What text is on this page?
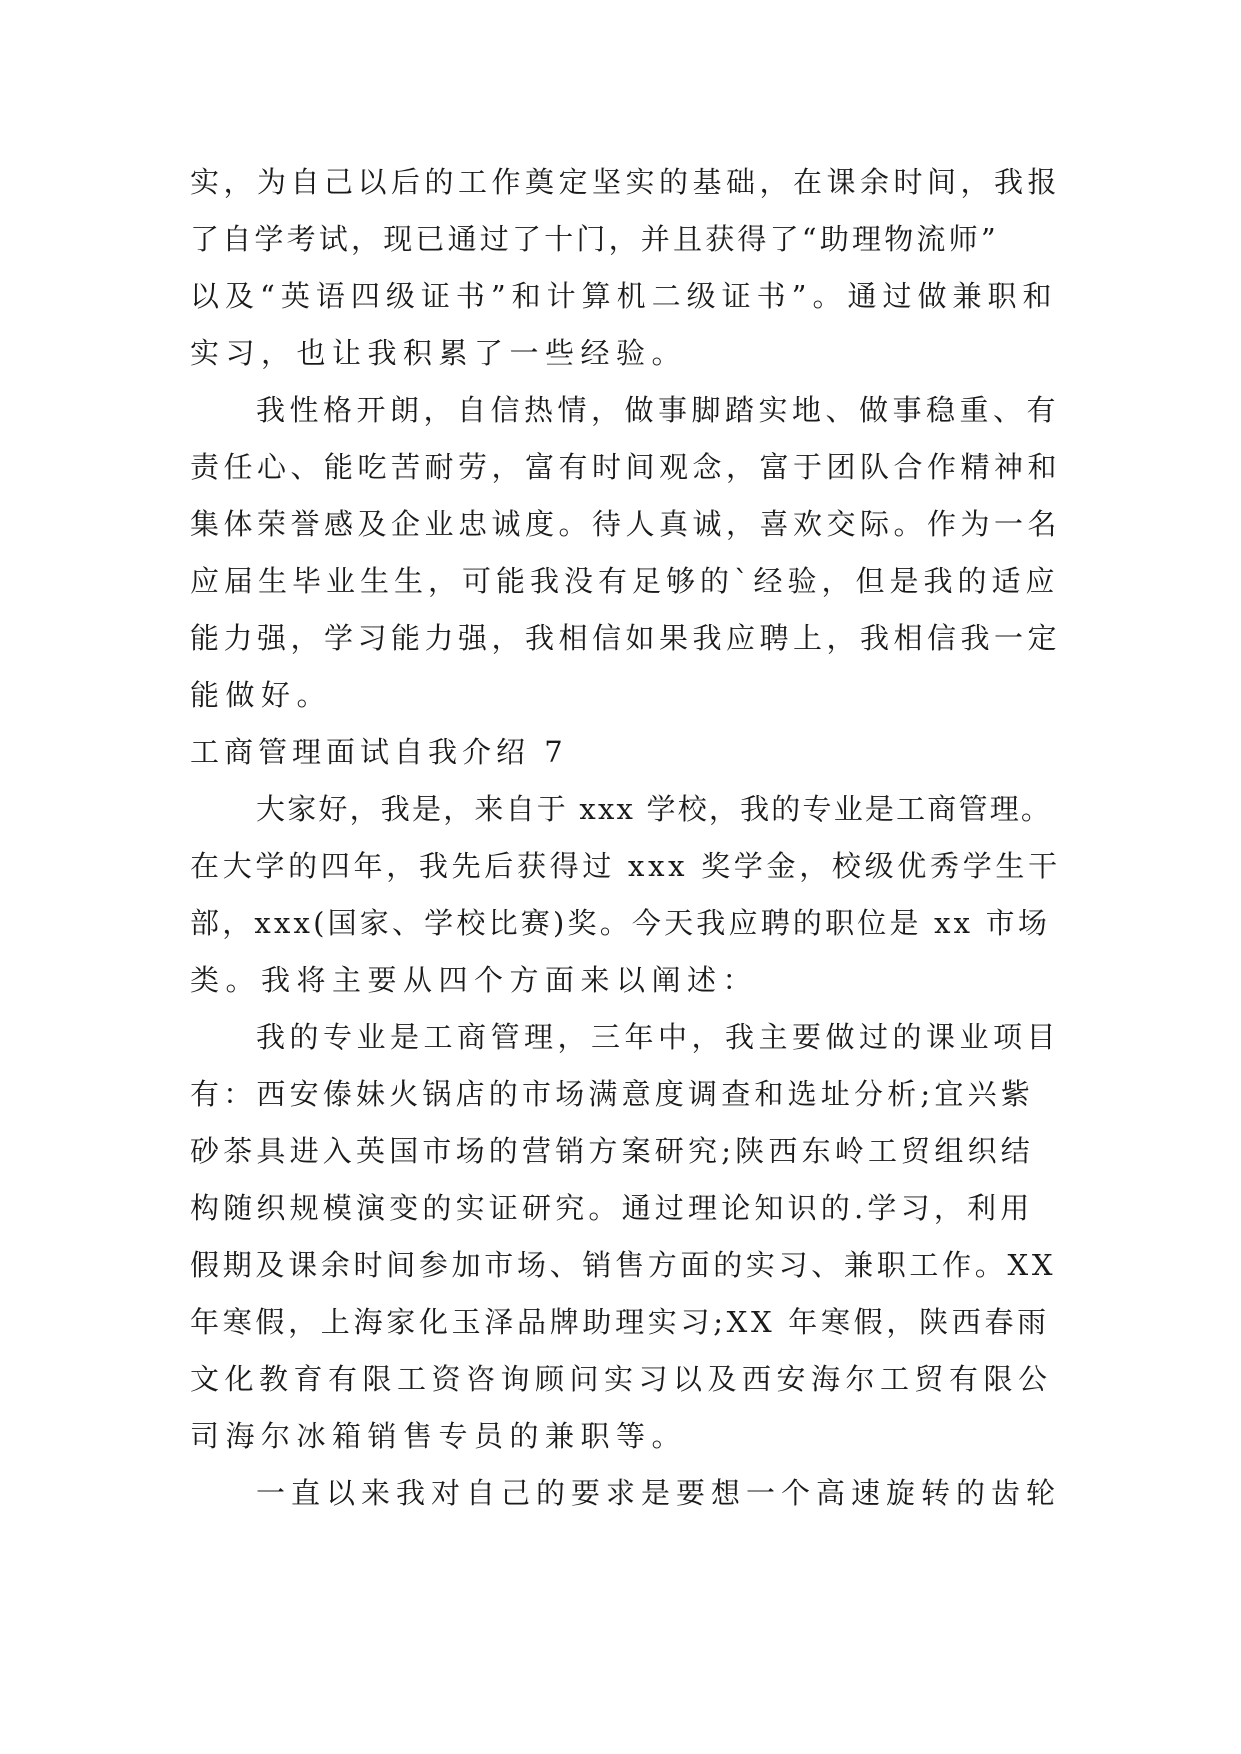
实，为自己以后的工作奠定坚实的基础，在课余时间，我报
了自学考试，现已通过了十门，并且获得了“助理物流师”
以及“英语四级证书”和计算机二级证书”。通过做兼职和
实习，也让我积累了一些经验。
我性格开朗，自信热情，做事脚踏实地、做事稳重、有
责任心、能吃苦耐劳，富有时间观念，富于团队合作精神和
集体荣誉感及企业忠诚度。待人真诚，喜欢交际。作为一名
应届生毕业生生，可能我没有足够的`经验，但是我的适应
能力强，学习能力强，我相信如果我应聘上，我相信我一定
能做好。
工商管理面试自我介绍 7
大家好，我是，来自于 xxx 学校，我的专业是工商管理。
在大学的四年，我先后获得过 xxx 奖学金，校级优秀学生干
部，xxx(国家、学校比赛)奖。今天我应聘的职位是 xx 市场
类。我将主要从四个方面来以阐述：
我的专业是工商管理，三年中，我主要做过的课业项目
有：西安傣妹火锅店的市场满意度调查和选址分析;宜兴紫
砂茶具进入英国市场的营销方案研究;陕西东岭工贸组织结
构随织规模演变的实证研究。通过理论知识的.学习，利用
假期及课余时间参加市场、销售方面的实习、兼职工作。XX
年寒假，上海家化玉泽品牌助理实习;XX 年寒假，陕西春雨
文化教育有限工资咨询顾问实习以及西安海尔工贸有限公
司海尔冰箱销售专员的兼职等。
一直以来我对自己的要求是要想一个高速旋转的齿轮
